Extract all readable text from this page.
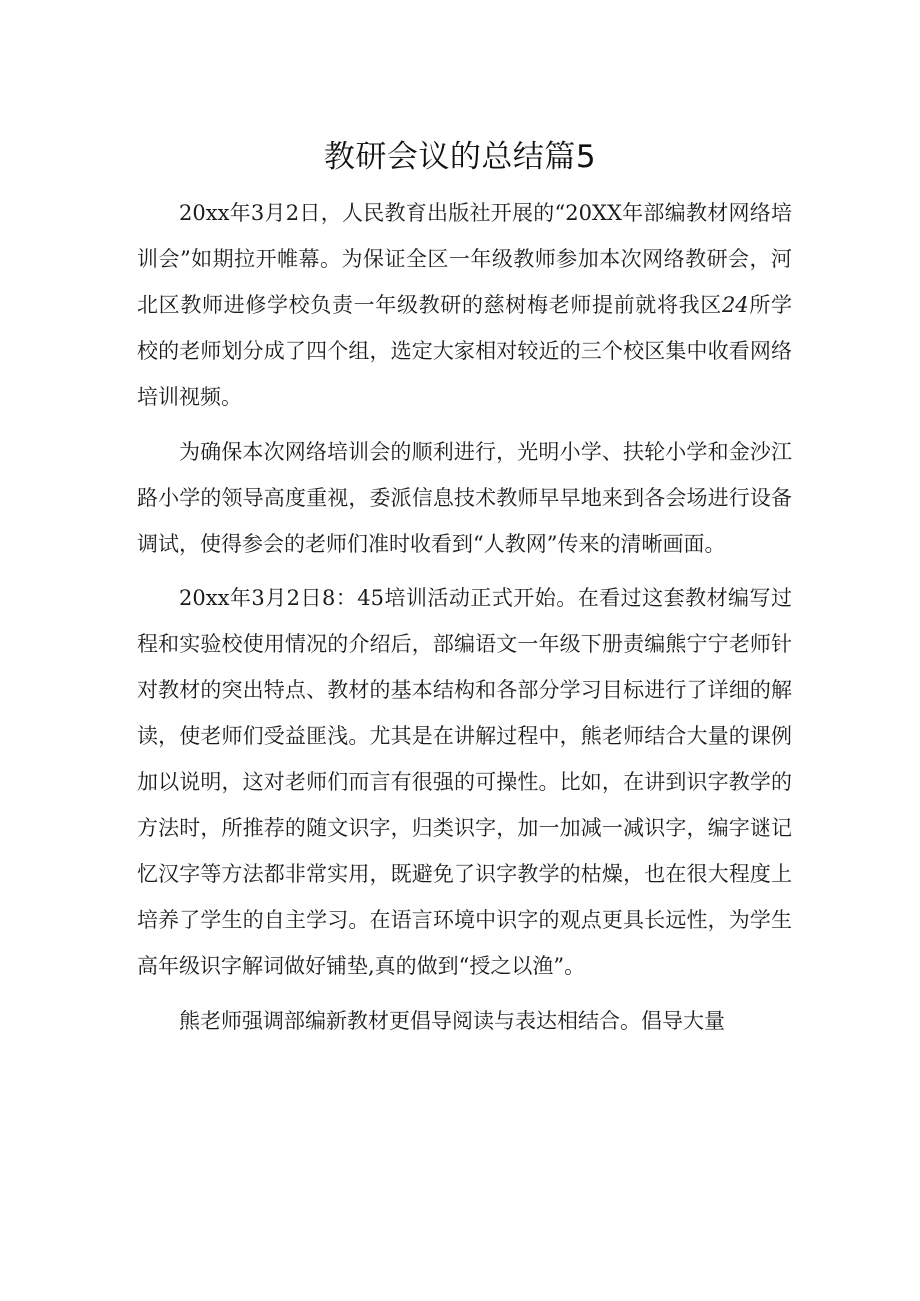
教研会议的总结篇5

20xx年3月2日，人民教育出版社开展的“20XX年部编教材网络培训会”如期拉开帷幕。为保证全区一年级教师参加本次网络教研会，河北区教师进修学校负责一年级教研的慈树梅老师提前就将我区24所学校的老师划分成了四个组，选定大家相对较近的三个校区集中收看网络培训视频。

为确保本次网络培训会的顺利进行，光明小学、扶轮小学和金沙江路小学的领导高度重视，委派信息技术教师早早地来到各会场进行设备调试，使得参会的老师们准时收看到“人教网”传来的清晰画面。

20xx年3月2日8：45培训活动正式开始。在看过这套教材编写过程和实验校使用情况的介绍后，部编语文一年级下册责编熊宁宁老师针对教材的突出特点、教材的基本结构和各部分学习目标进行了详细的解读，使老师们受益匪浅。尤其是在讲解过程中，熊老师结合大量的课例加以说明，这对老师们而言有很强的可操性。比如，在讲到识字教学的方法时，所推荐的随文识字，归类识字，加一加减一减识字，编字谜记忆汉字等方法都非常实用，既避免了识字教学的枯燥，也在很大程度上培养了学生的自主学习。在语言环境中识字的观点更具长远性，为学生高年级识字解词做好铺垫,真的做到“授之以渔”。

熊老师强调部编新教材更倡导阅读与表达相结合。倡导大量
